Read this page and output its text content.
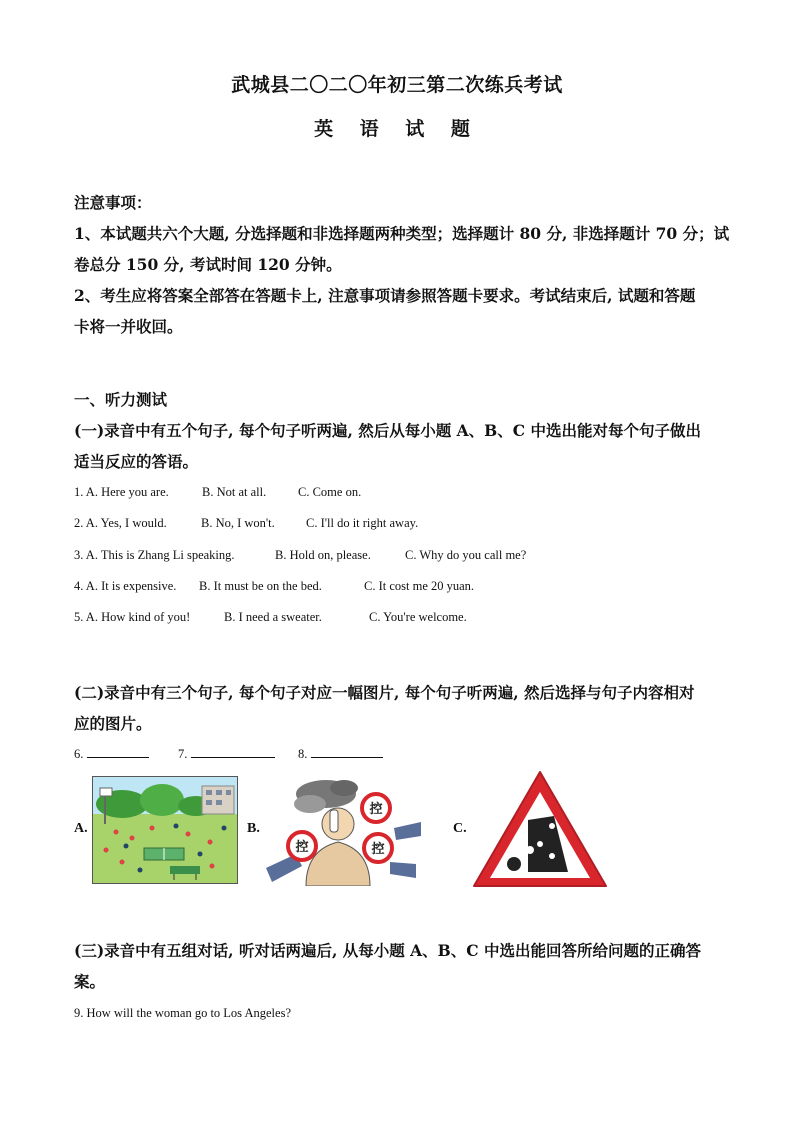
武城县二〇二〇年初三第二次练兵考试
英 语 试 题
注意事项：
1、本试题共六个大题, 分选择题和非选择题两种类型；选择题计 80 分, 非选择题计 70 分；试
卷总分 150 分, 考试时间 120 分钟。
2、考生应将答案全部答在答题卡上, 注意事项请参照答题卡要求。考试结束后, 试题和答题
卡将一并收回。
一、听力测试
(一)录音中有五个句子, 每个句子听两遍, 然后从每小题 A、B、C 中选出能对每个句子做出
适当反应的答语。
1. A. Here you are.	B. Not at all.	C. Come on.
2. A. Yes, I would.	B. No, I won't. C. I'll do it right away.
3. A. This is Zhang Li speaking.	B. Hold on, please.	C. Why do you call me?
4. A. It is expensive. B. It must be on the bed.	C. It cost me 20 yuan.
5. A. How kind of you!	B. I need a sweater.	C. You're welcome.
(二)录音中有三个句子, 每个句子对应一幅图片, 每个句子听两遍, 然后选择与句子内容相对
应的图片。
6.	7.	8.
A.	B.
控
控
控
C.
(三)录音中有五组对话, 听对话两遍后, 从每小题 A、B、C 中选出能回答所给问题的正确答
案。
9. How will the woman go to Los Angeles?
